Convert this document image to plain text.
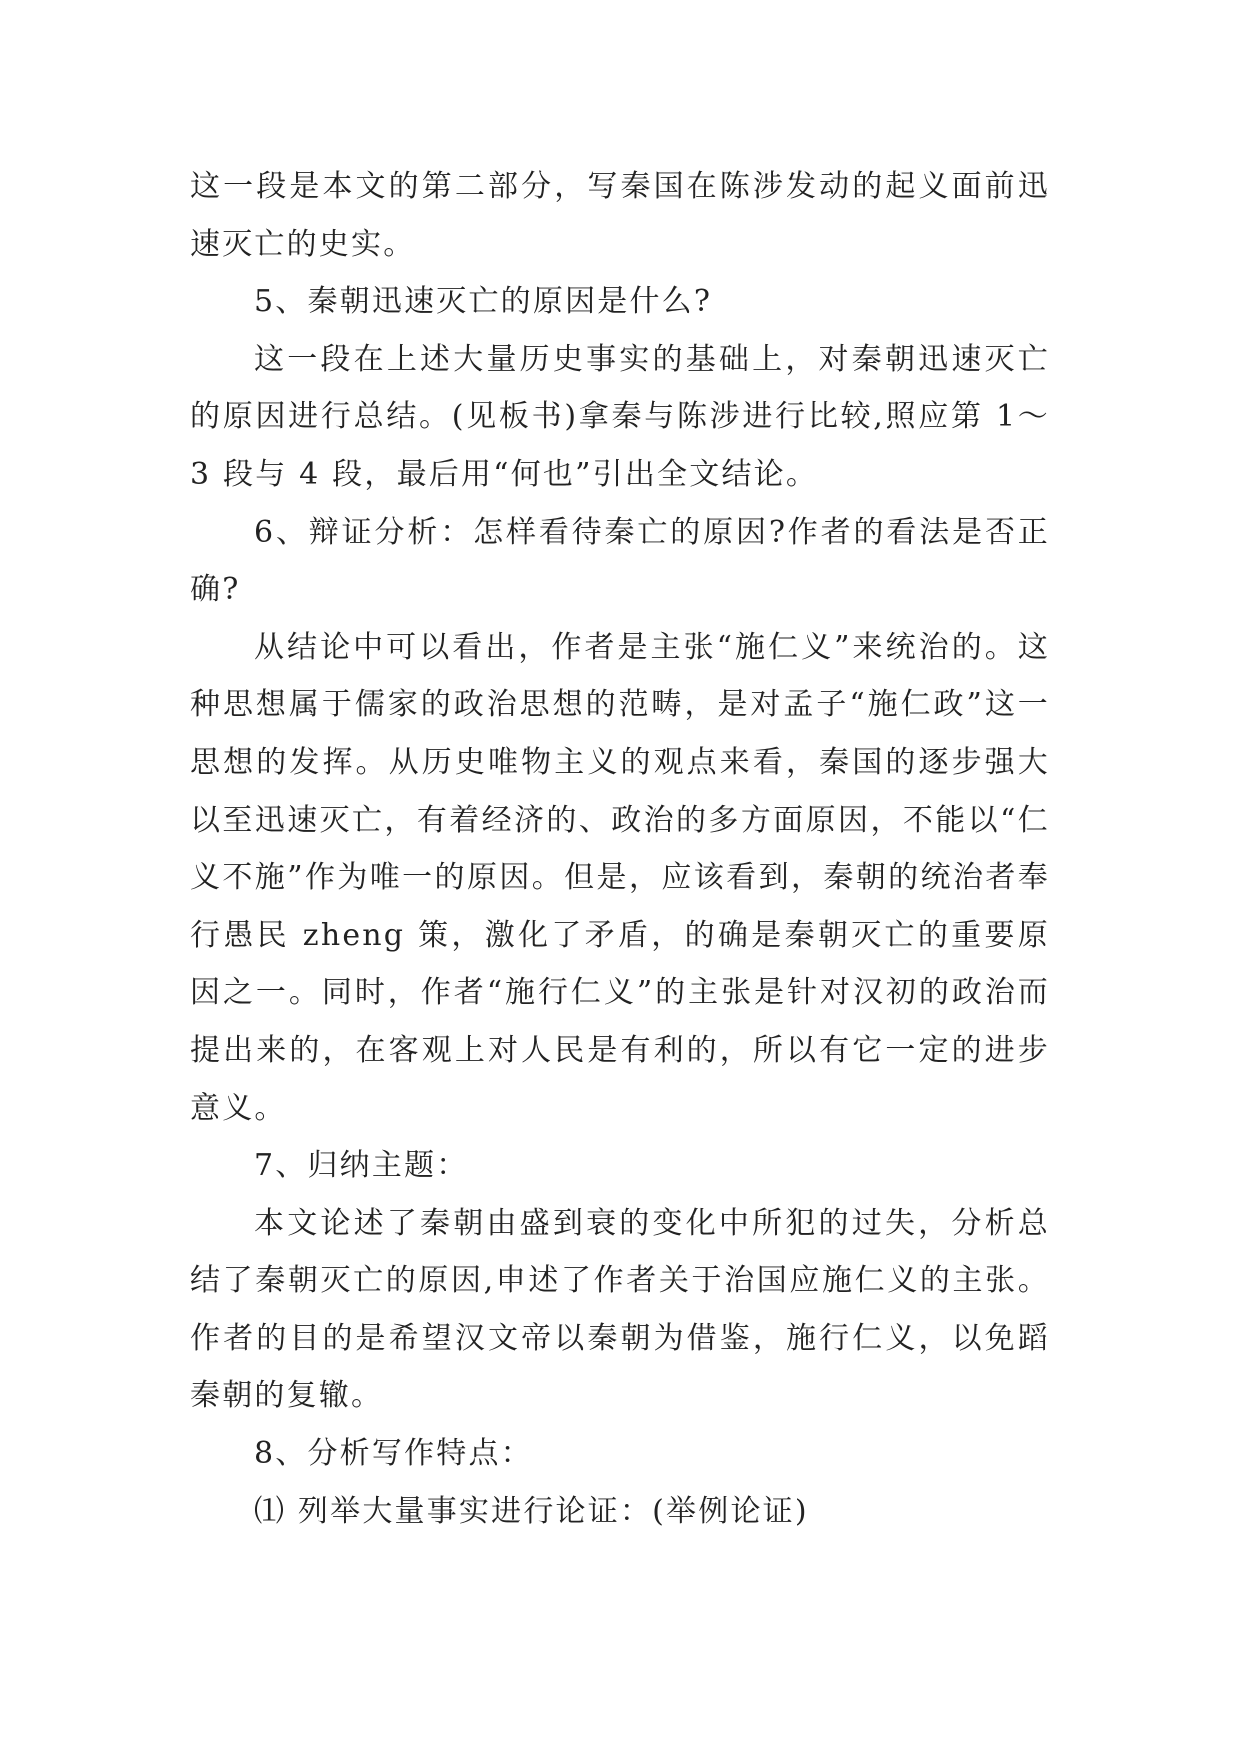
这一段是本文的第二部分，写秦国在陈涉发动的起义面前迅速灭亡的史实。

5、秦朝迅速灭亡的原因是什么?

这一段在上述大量历史事实的基础上，对秦朝迅速灭亡的原因进行总结。(见板书)拿秦与陈涉进行比较,照应第 1～3 段与 4 段，最后用“何也”引出全文结论。

6、辩证分析：怎样看待秦亡的原因?作者的看法是否正确?

从结论中可以看出，作者是主张“施仁义”来统治的。这种思想属于儒家的政治思想的范畴，是对孟子“施仁政”这一思想的发挥。从历史唯物主义的观点来看，秦国的逐步强大以至迅速灭亡，有着经济的、政治的多方面原因，不能以“仁义不施”作为唯一的原因。但是，应该看到，秦朝的统治者奉行愚民 zheng 策，激化了矛盾，的确是秦朝灭亡的重要原因之一。同时，作者“施行仁义”的主张是针对汉初的政治而提出来的，在客观上对人民是有利的，所以有它一定的进步意义。

7、归纳主题：

本文论述了秦朝由盛到衰的变化中所犯的过失，分析总结了秦朝灭亡的原因,申述了作者关于治国应施仁义的主张。作者的目的是希望汉文帝以秦朝为借鉴，施行仁义，以免蹈秦朝的复辙。

8、分析写作特点：

⑴ 列举大量事实进行论证：(举例论证)
